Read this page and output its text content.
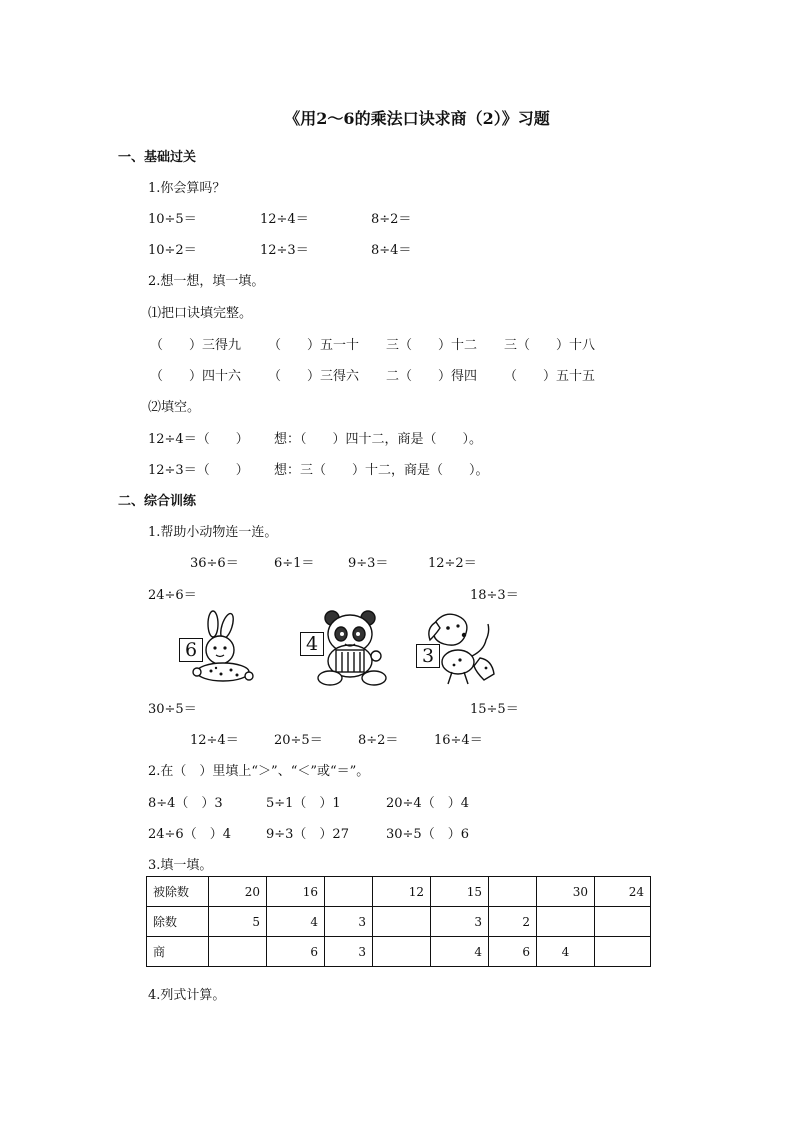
《用2～6的乘法口诀求商（2）》习题
一、基础过关
1.你会算吗？
10÷5＝	12÷4＝	8÷2＝
10÷2＝	12÷3＝	8÷4＝
2.想一想，填一填。
⑴把口诀填完整。
（　　）三得九 （　　）五一十 三（　　）十二 三（　　）十八
（　　）四十六 （　　）三得六 二（　　）得四 （　　）五十五
⑵填空。
12÷4＝（　　） 想：（　　）四十二，商是（　　）。
12÷3＝（　　） 想：三（　　）十二，商是（　　）。
二、综合训练
1.帮助小动物连一连。
36÷6＝	6÷1＝	9÷3＝	12÷2＝
24÷6＝	18÷3＝
6	4
3
30÷5＝	15÷5＝
12÷4＝	20÷5＝	8÷2＝	16÷4＝
2.在（　）里填上“＞”、“＜”或“＝”。
8÷4（　）3	5÷1（　）1	20÷4（　）4
24÷6（　）4	9÷3（　）27	30÷5（　）6
3.填一填。
被除数	20	16		12	15		30	24
除数	5	4	3		3	2		
商		6	3		4	6	4	
4.列式计算。
